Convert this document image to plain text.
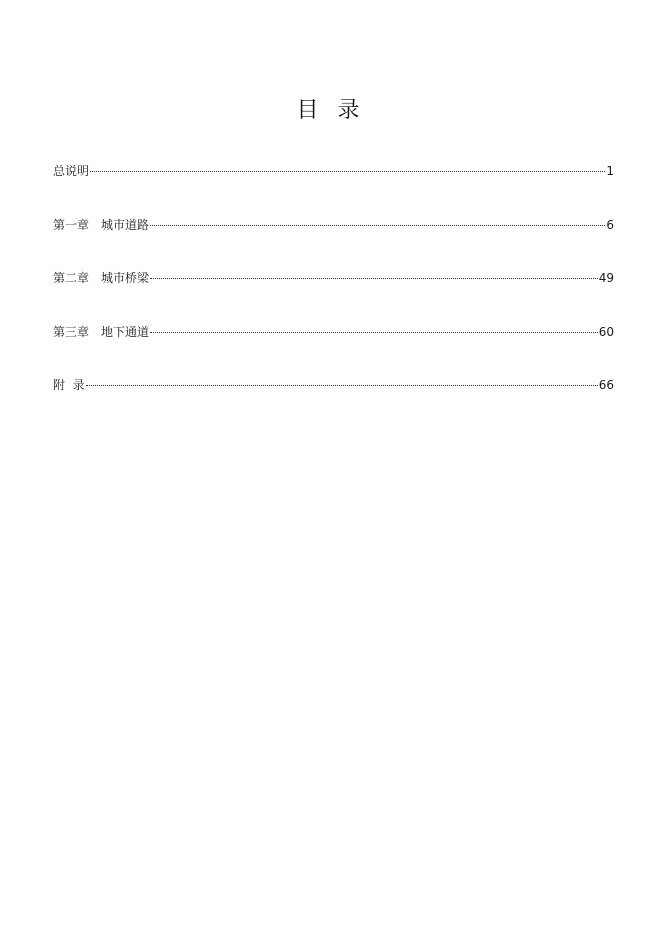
目 录
总说明	1
第一章　城市道路	6
第二章　城市桥梁	49
第三章　地下通道	60
附  录	66
